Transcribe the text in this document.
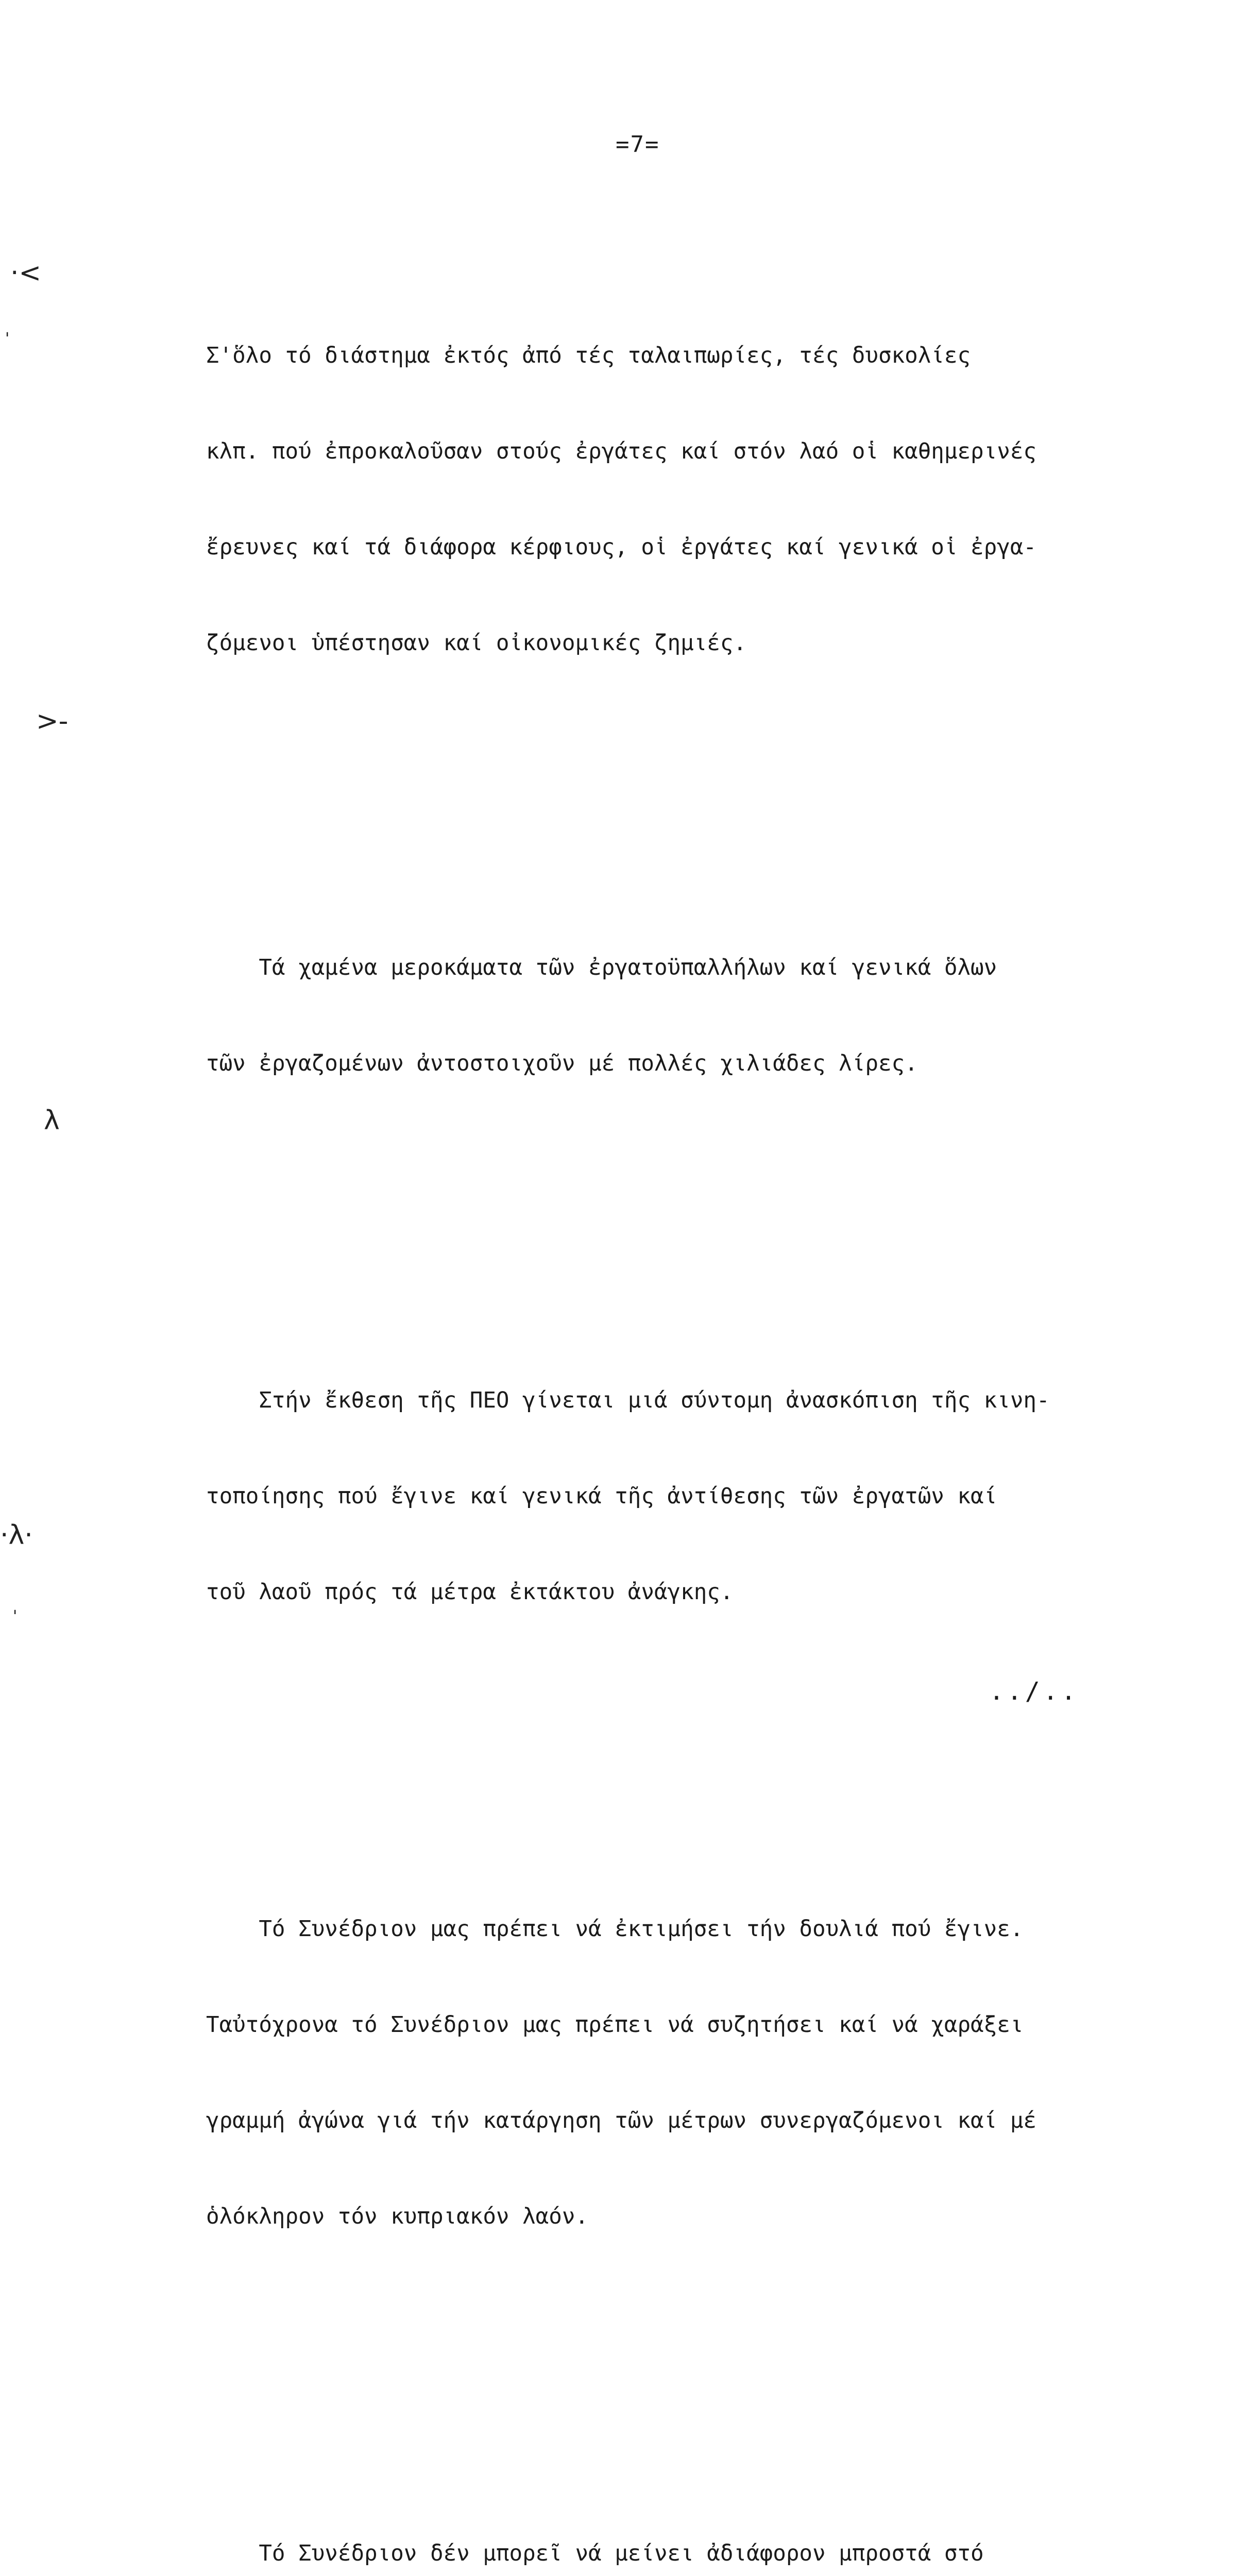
=7=
·<
'
>-
λ
·λ·
'

Σ'ὅλο τό διάστημα ἐκτός ἀπό τές ταλαιπωρίες, τές δυσκολίες

κλπ. πού ἐπροκαλοῦσαν στούς ἐργάτες καί στόν λαό οἱ καθημερινές

ἔρευνες καί τά διάφορα κέρφιους, οἱ ἐργάτες καί γενικά οἱ ἐργα-

ζόμενοι ὑπέστησαν καί οἰκονομικές ζημιές.

Τά χαμένα μεροκάματα τῶν ἐργατοϋπαλλήλων καί γενικά ὅλων

τῶν ἐργαζομένων ἀντοστοιχοῦν μέ πολλές χιλιάδες λίρες.

Στήν ἔκθεση τῆς ΠΕΟ γίνεται μιά σύντομη ἀνασκόπιση τῆς κινη-

τοποίησης πού ἔγινε καί γενικά τῆς ἀντίθεσης τῶν ἐργατῶν καί

τοῦ λαοῦ πρός τά μέτρα ἐκτάκτου ἀνάγκης.

Τό Συνέδριον μας πρέπει νά ἐκτιμήσει τήν δουλιά πού ἔγινε.

Ταὐτόχρονα τό Συνέδριον μας πρέπει νά συζητήσει καί νά χαράξει

γραμμή ἀγώνα γιά τήν κατάργηση τῶν μέτρων συνεργαζόμενοι καί μέ

ὁλόκληρον τόν κυπριακόν λαόν.

Τό Συνέδριον δέν μπορεῖ νά μείνει ἀδιάφορον μπροστά στό

../..
